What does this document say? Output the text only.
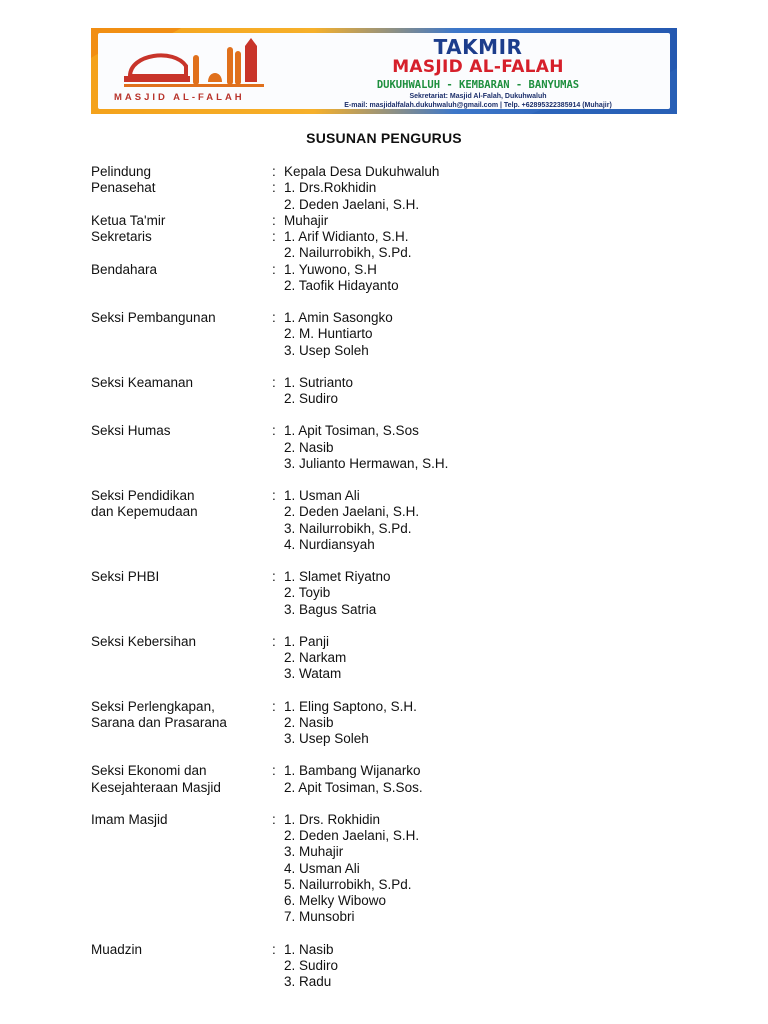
MASJID AL-FALAH
TAKMIR
MASJID AL-FALAH
DUKUHWALUH - KEMBARAN - BANYUMAS
Sekretariat: Masjid Al-Falah, Dukuhwaluh
E-mail: masjidalfalah.dukuhwaluh@gmail.com | Telp. +6289532238591​4 (Muhajir)
SUSUNAN PENGURUS
Pelindung	: Kepala Desa Dukuhwaluh
Penasehat	: 1. Drs.Rokhidin
2. Deden Jaelani, S.H.
Ketua Ta'mir	: Muhajir
Sekretaris	: 1. Arif Widianto, S.H.
2. Nailurrobikh, S.Pd.
Bendahara	: 1. Yuwono, S.H
2. Taofik Hidayanto
Seksi Pembangunan	: 1. Amin Sasongko
2. M. Huntiarto
3. Usep Soleh
Seksi Keamanan	: 1. Sutrianto
2. Sudiro
Seksi Humas	: 1. Apit Tosiman, S.Sos
2. Nasib
3. Julianto Hermawan, S.H.
Seksi Pendidikan	: 1. Usman Ali
dan Kepemudaan	2. Deden Jaelani, S.H.
3. Nailurrobikh, S.Pd.
4. Nurdiansyah
Seksi PHBI	: 1. Slamet Riyatno
2. Toyib
3. Bagus Satria
Seksi Kebersihan	: 1. Panji
2. Narkam
3. Watam
Seksi Perlengkapan,	: 1. Eling Saptono, S.H.
Sarana dan Prasarana	2. Nasib
3. Usep Soleh
Seksi Ekonomi dan	: 1. Bambang Wijanarko
Kesejahteraan Masjid	2. Apit Tosiman, S.Sos.
Imam Masjid	: 1. Drs. Rokhidin
2. Deden Jaelani, S.H.
3. Muhajir
4. Usman Ali
5. Nailurrobikh, S.Pd.
6. Melky Wibowo
7. Munsobri
Muadzin	: 1. Nasib
2. Sudiro
3. Radu
